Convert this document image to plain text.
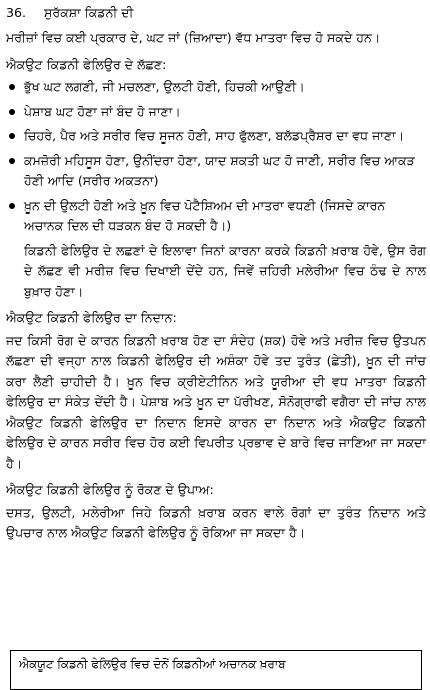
36. ਸੁਰੱਕਸ਼ਾ ਕਿਡਨੀ ਦੀ

ਮਰੀਜ਼ਾਂ ਵਿਚ ਕਈ ਪ੍ਰਕਾਰ ਦੇ, ਘਟ ਜਾਂ (ਜ਼ਿਆਦਾ) ਵੱਧ ਮਾਤਰਾ ਵਿਚ ਹੋ ਸਕਦੇ ਹਨ।

ਐਕਉਟ ਕਿਡਨੀ ਫੇਲਿਉਰ ਦੇ ਲੱਛਣ:

ਭੁੱਖ ਘਟ ਲਗਣੀ, ਜੀ ਮਚਲਣਾ, ਉਲਟੀ ਹੋਣੀ, ਹਿਚਕੀ ਆਉਣੀ।
ਪੇਸ਼ਾਬ ਘਟ ਹੋਣਾ ਜਾਂ ਬੰਦ ਹੋ ਜਾਣਾ।
ਚਿਹਰੇ, ਪੈਰ ਅਤੇ ਸਰੀਰ ਵਿਚ ਸੂਜਨ ਹੋਣੀ, ਸਾਹ ਫੁੱਲਣਾ, ਬਲੱਡਪ੍ਰੈਸ਼ਰ ਦਾ ਵਧ ਜਾਣਾ।
ਕਮਜ਼ੋਰੀ ਮਹਿਸੂਸ ਹੋਣਾ, ਉਨੀਂਦਰਾ ਹੋਣਾ, ਯਾਦ ਸ਼ਕਤੀ ਘਟ ਹੋ ਜਾਣੀ, ਸਰੀਰ ਵਿਚ ਆਕੜ ਹੋਣੀ ਆਦਿ (ਸਰੀਰ ਅਕੜਨਾ)
ਖ਼ੂਨ ਦੀ ਉਲਟੀ ਹੋਣੀ ਅਤੇ ਖ਼ੂਨ ਵਿਚ ਪੋਟੈਸ਼ਿਅਮ ਦੀ ਮਾਤਰਾ ਵਧਣੀ (ਜਿਸਦੇ ਕਾਰਨ ਅਚਾਨਕ ਦਿਲ ਦੀ ਧੜਕਨ ਬੰਦ ਹੋ ਸਕਦੀ ਹੈ।)

ਕਿਡਨੀ ਫੇਲਿਉਰ ਦੇ ਲਛਣਾਂ ਦੇ ਇਲਾਵਾ ਜਿਨਾਂ ਕਾਰਨਾ ਕਰਕੇ ਕਿਡਨੀ ਖ਼ਰਾਬ ਹੋਵੇ, ਉਸ ਰੋਗ ਦੇ ਲੱਛਣ ਵੀ ਮਰੀਜ਼ ਵਿਚ ਦਿਖਾਈ ਦੇਂਦੇ ਹਨ, ਜਿਵੇਂ ਜ਼ਹਿਰੀ ਮਲੇਰੀਆ ਵਿਚ ਠੰਢ ਦੇ ਨਾਲ ਬੁਖ਼ਾਰ ਹੋਣਾ।

ਐਕਉਟ ਕਿਡਨੀ ਫੇਲਿਉਰ ਦਾ ਨਿਦਾਨ:

ਜਦ ਕਿਸੀ ਰੋਗ ਦੇ ਕਾਰਨ ਕਿਡਨੀ ਖ਼ਰਾਬ ਹੋਣ ਦਾ ਸੰਦੇਹ (ਸ਼ਕ) ਹੋਵੇ ਅਤੇ ਮਰੀਜ਼ ਵਿਚ ਉਤਪਨ ਲੱਛਣਾ ਦੀ ਵਜ੍ਹਾ ਨਾਲ ਕਿਡਨੀ ਫੇਲਿਉਰ ਦੀ ਅਸ਼ੰਕਾ ਹੋਵੇ ਤਦ ਤੁਰੰਤ (ਛੇਤੀ), ਖ਼ੂਨ ਦੀ ਜਾਂਚ ਕਰਾ ਲੈਣੀ ਚਾਹੀਦੀ ਹੈ। ਖ਼ੂਨ ਵਿਚ ਕ੍ਰੀਏਟੀਨਿਨ ਅਤੇ ਯੂਰੀਆ ਦੀ ਵਧ ਮਾਤਰਾ ਕਿਡਨੀ ਫੇਲਿਉਰ ਦਾ ਸੰਕੇਤ ਦੇਂਦੀ ਹੈ। ਪੇਸ਼ਾਬ ਅਤੇ ਖ਼ੂਨ ਦਾ ਪੱਰੀਖਣ, ਸੋਨੋਗ੍ਰਾਫੀ ਵਗੈਰਾ ਦੀ ਜਾਂਚ ਨਾਲ ਐਕਉਟ ਕਿਡਨੀ ਫੇਲਿਉਰ ਦਾ ਨਿਦਾਨ ਇਸਦੇ ਕਾਰਨ ਦਾ ਨਿਦਾਨ ਅਤੇ ਐਕਉਟ ਕਿਡਨੀ ਫੇਲਿਉਰ ਦੇ ਕਾਰਨ ਸਰੀਰ ਵਿਚ ਹੋਰ ਕਈ ਵਿਪਰੀਤ ਪ੍ਰਭਾਵ ਦੇ ਬਾਰੇ ਵਿਚ ਜਾਣਿਆ ਜਾ ਸਕਦਾ ਹੈ।

ਐਕਉਟ ਕਿਡਨੀ ਫੇਲਿਉਰ ਨੂੰ ਰੋਕਣ ਦੇ ਉਪਾਅ:

ਦਸਤ, ਉਲਟੀ, ਮਲੇਰੀਆ ਜਿਹੇ ਕਿਡਨੀ ਖ਼ਰਾਬ ਕਰਨ ਵਾਲੇ ਰੋਗਾਂ ਦਾ ਤੁਰੰਤ ਨਿਦਾਨ ਅਤੇ ਉਪਚਾਰ ਨਾਲ ਐਕਉਟ ਕਿਡਨੀ ਫੇਲਿਉਰ ਨੂੰ ਰੋਕਿਆ ਜਾ ਸਕਦਾ ਹੈ।

ਐਕਯੂਟ ਕਿਡਨੀ ਫੇਲਿਉਰ ਵਿਚ ਦੋਨੋਂ ਕਿਡਨੀਆਂ ਅਚਾਨਕ ਖ਼ਰਾਬ
